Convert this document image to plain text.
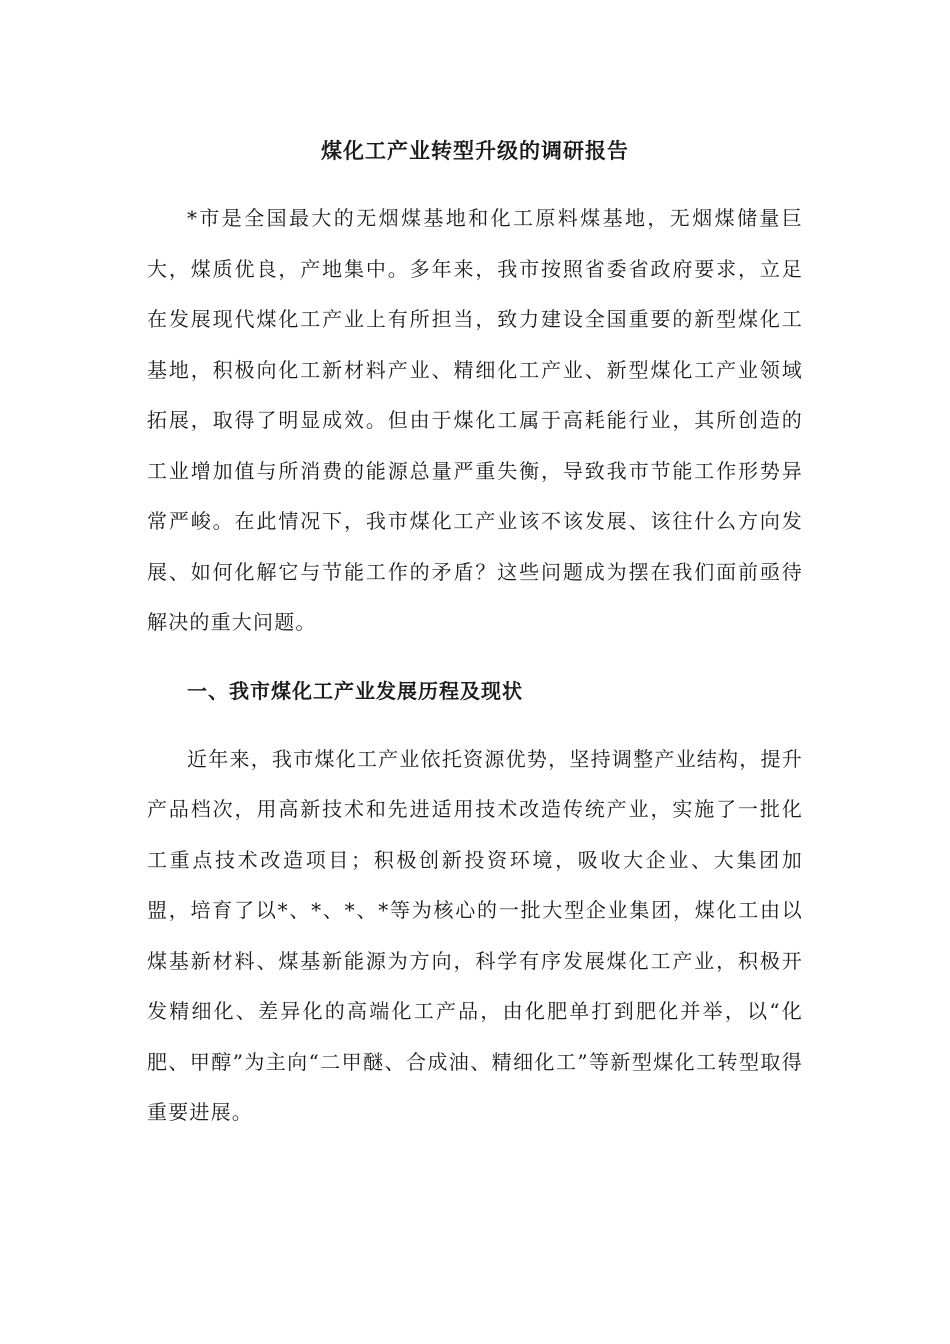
煤化工产业转型升级的调研报告

*市是全国最大的无烟煤基地和化工原料煤基地，无烟煤储量巨大，煤质优良，产地集中。多年来，我市按照省委省政府要求，立足在发展现代煤化工产业上有所担当，致力建设全国重要的新型煤化工基地，积极向化工新材料产业、精细化工产业、新型煤化工产业领域拓展，取得了明显成效。但由于煤化工属于高耗能行业，其所创造的工业增加值与所消费的能源总量严重失衡，导致我市节能工作形势异常严峻。在此情况下，我市煤化工产业该不该发展、该往什么方向发展、如何化解它与节能工作的矛盾？这些问题成为摆在我们面前亟待解决的重大问题。

一、我市煤化工产业发展历程及现状

近年来，我市煤化工产业依托资源优势，坚持调整产业结构，提升产品档次，用高新技术和先进适用技术改造传统产业，实施了一批化工重点技术改造项目；积极创新投资环境，吸收大企业、大集团加盟，培育了以*、*、*、*等为核心的一批大型企业集团，煤化工由以煤基新材料、煤基新能源为方向，科学有序发展煤化工产业，积极开发精细化、差异化的高端化工产品，由化肥单打到肥化并举，以“化肥、甲醇”为主向“二甲醚、合成油、精细化工”等新型煤化工转型取得重要进展。
